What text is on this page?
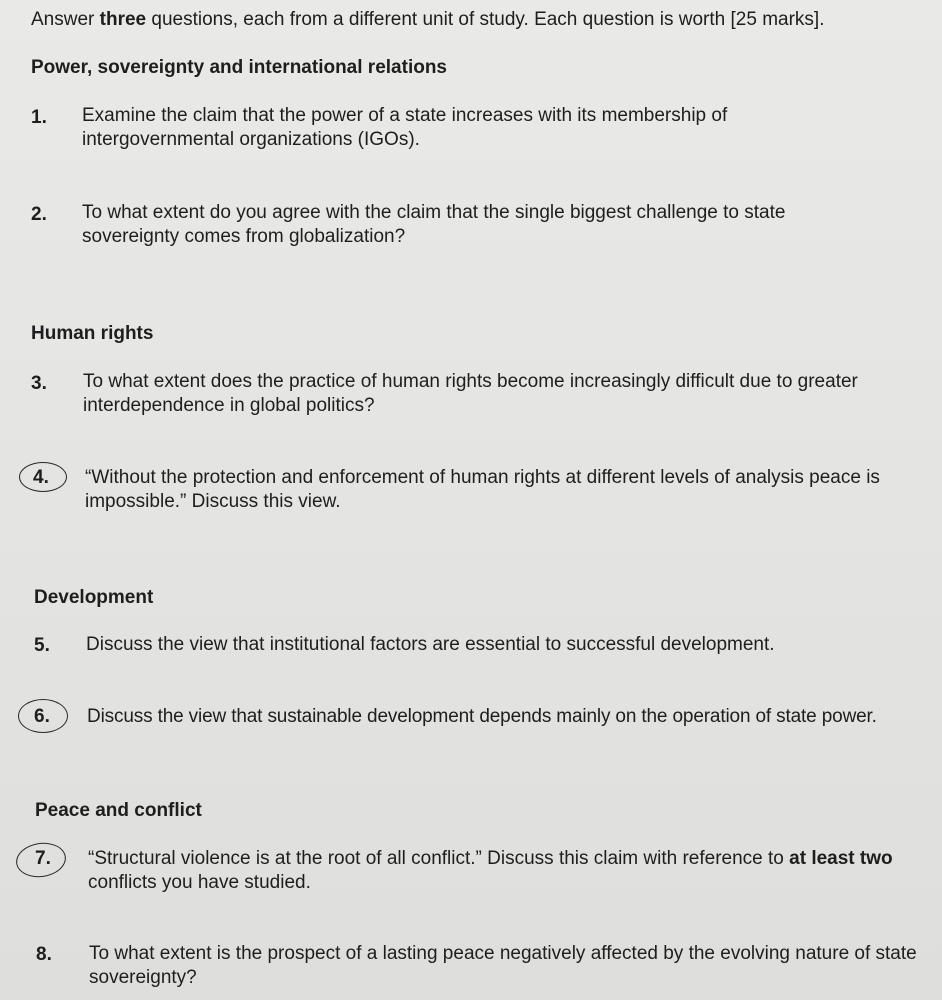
Answer three questions, each from a different unit of study. Each question is worth [25 marks].
Power, sovereignty and international relations
1. Examine the claim that the power of a state increases with its membership of intergovernmental organizations (IGOs).
2. To what extent do you agree with the claim that the single biggest challenge to state sovereignty comes from globalization?
Human rights
3. To what extent does the practice of human rights become increasingly difficult due to greater interdependence in global politics?
4. “Without the protection and enforcement of human rights at different levels of analysis peace is impossible.” Discuss this view.
Development
5. Discuss the view that institutional factors are essential to successful development.
6. Discuss the view that sustainable development depends mainly on the operation of state power.
Peace and conflict
7. “Structural violence is at the root of all conflict.” Discuss this claim with reference to at least two conflicts you have studied.
8. To what extent is the prospect of a lasting peace negatively affected by the evolving nature of state sovereignty?
